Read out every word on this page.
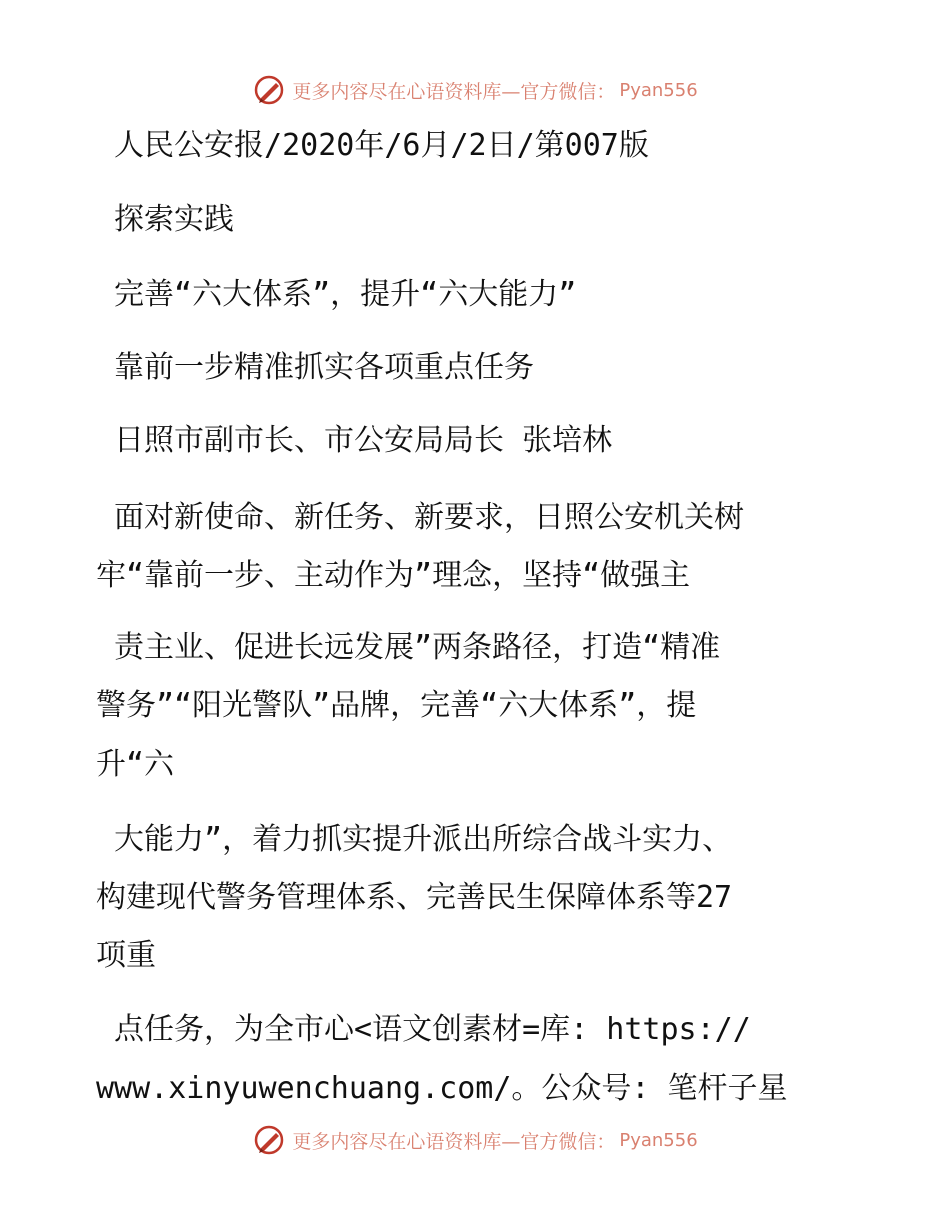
更多内容尽在心语资料库—官方微信： Pyan556
人民公安报/2020年/6月/2日/第007版
探索实践
完善“六大体系”，提升“六大能力”
靠前一步精准抓实各项重点任务
日照市副市长、市公安局局长 张培林
面对新使命、新任务、新要求，日照公安机关树
牢“靠前一步、主动作为”理念，坚持“做强主
责主业、促进长远发展”两条路径，打造“精准
警务”“阳光警队”品牌，完善“六大体系”，提
升“六
大能力”，着力抓实提升派出所综合战斗实力、
构建现代警务管理体系、完善民生保障体系等27
项重
点任务，为全市心<语文创素材=库: https://
www.xinyuwenchuang.com/。公众号: 笔杆子星
更多内容尽在心语资料库—官方微信： Pyan556
